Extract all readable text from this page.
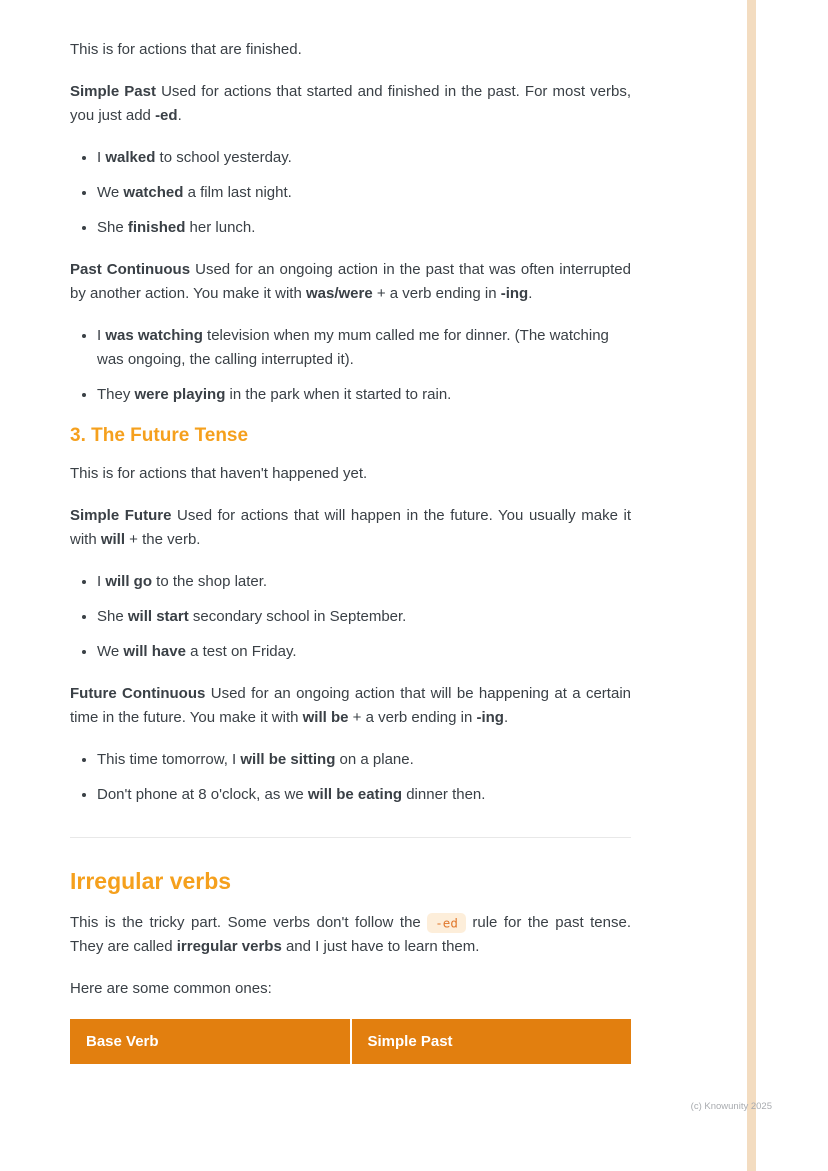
This is for actions that are finished.

Simple Past Used for actions that started and finished in the past. For most verbs, you just add -ed.

• I walked to school yesterday.
• We watched a film last night.
• She finished her lunch.

Past Continuous Used for an ongoing action in the past that was often interrupted by another action. You make it with was/were + a verb ending in -ing.

• I was watching television when my mum called me for dinner. (The watching was ongoing, the calling interrupted it).
• They were playing in the park when it started to rain.
3. The Future Tense

This is for actions that haven't happened yet.

Simple Future Used for actions that will happen in the future. You usually make it with will + the verb.

• I will go to the shop later.
• She will start secondary school in September.
• We will have a test on Friday.

Future Continuous Used for an ongoing action that will be happening at a certain time in the future. You make it with will be + a verb ending in -ing.

• This time tomorrow, I will be sitting on a plane.
• Don't phone at 8 o'clock, as we will be eating dinner then.
Irregular verbs

This is the tricky part. Some verbs don't follow the -ed rule for the past tense. They are called irregular verbs and I just have to learn them.

Here are some common ones:

Base Verb	Simple Past
(c) Knowunity 2025
